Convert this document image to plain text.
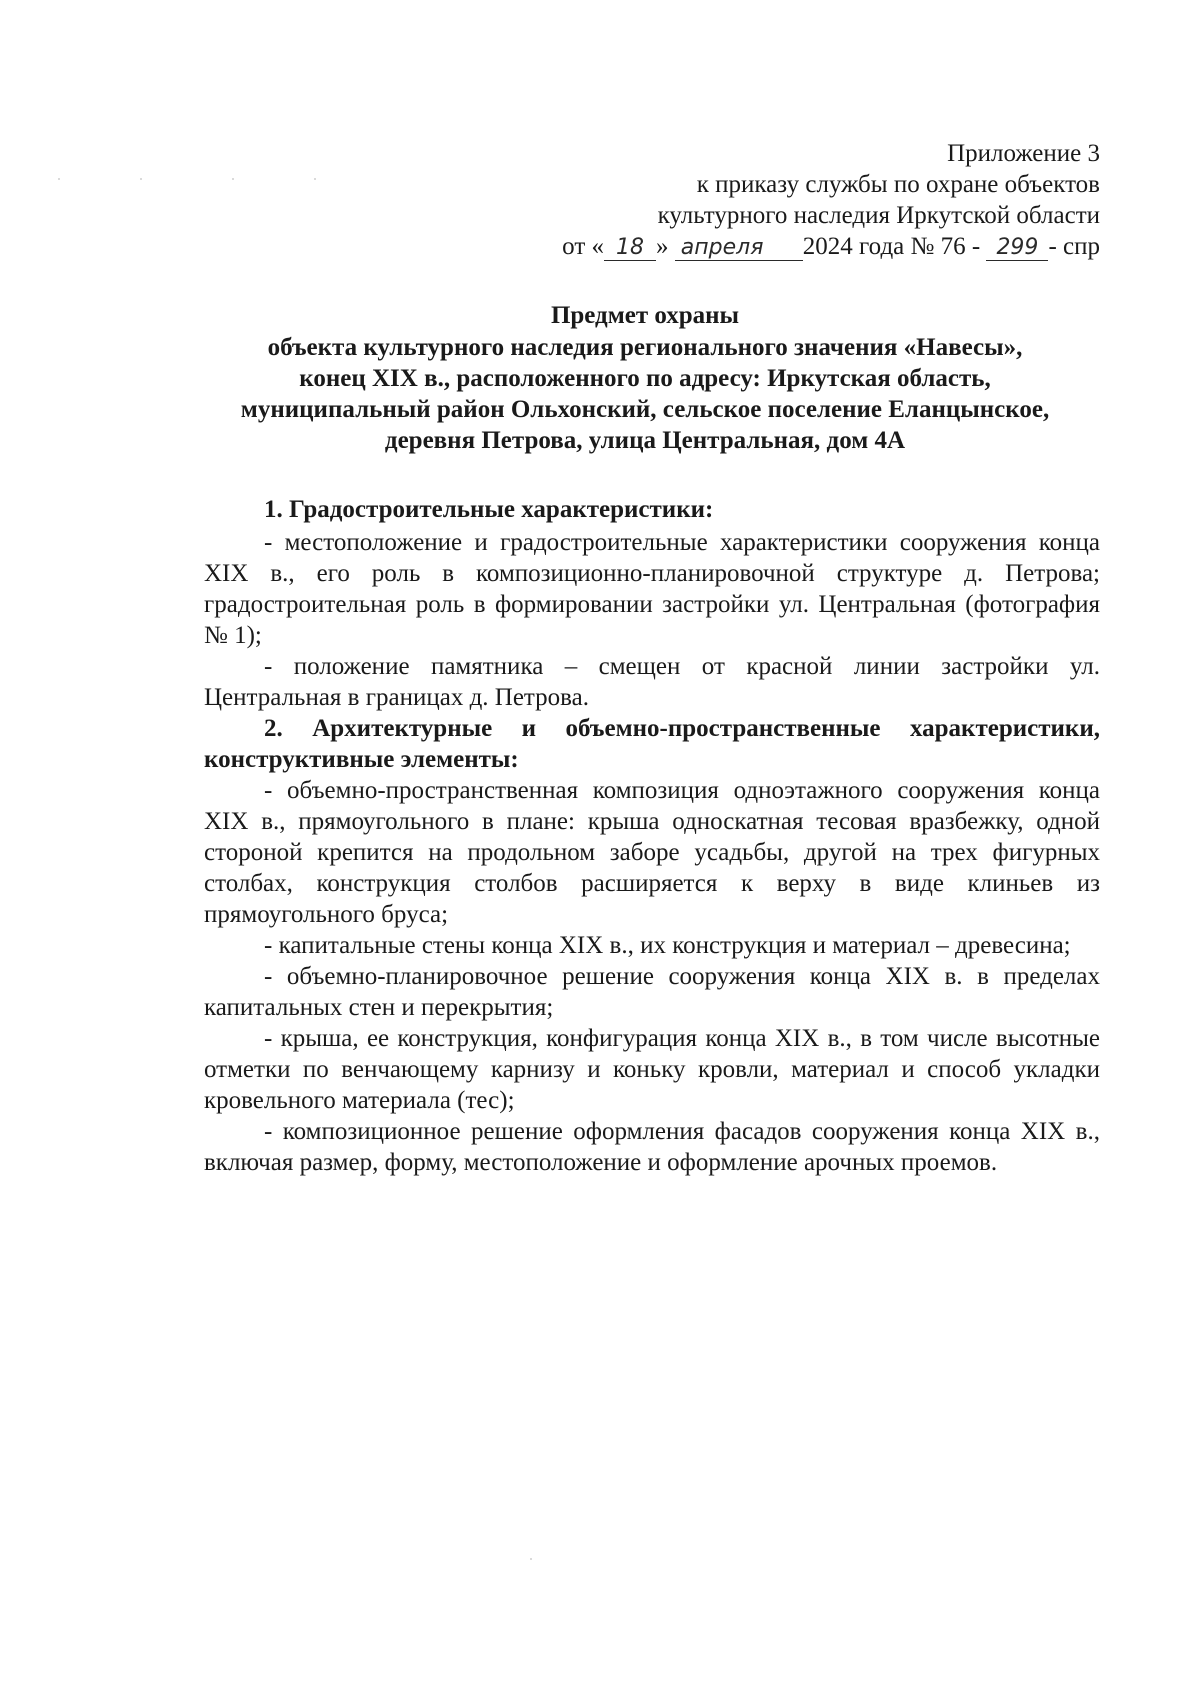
Приложение 3
к приказу службы по охране объектов
культурного наследия Иркутской области
от « 18 » апреля 2024 года № 76 - 299 - спр
Предмет охраны
объекта культурного наследия регионального значения «Навесы»,
конец XIX в., расположенного по адресу: Иркутская область,
муниципальный район Ольхонский, сельское поселение Еланцынское,
деревня Петрова, улица Центральная, дом 4А

1. Градостроительные характеристики:

- местоположение и градостроительные характеристики сооружения конца XIX в., его роль в композиционно-планировочной структуре д. Петрова; градостроительная роль в формировании застройки ул. Центральная (фотография № 1);

- положение памятника – смещен от красной линии застройки ул. Центральная в границах д. Петрова.

2. Архитектурные и объемно-пространственные характеристики, конструктивные элементы:

- объемно-пространственная композиция одноэтажного сооружения конца XIX в., прямоугольного в плане: крыша односкатная тесовая вразбежку, одной стороной крепится на продольном заборе усадьбы, другой на трех фигурных столбах, конструкция столбов расширяется к верху в виде клиньев из прямоугольного бруса;

- капитальные стены конца XIX в., их конструкция и материал – древесина;

- объемно-планировочное решение сооружения конца XIX в. в пределах капитальных стен и перекрытия;

- крыша, ее конструкция, конфигурация конца XIX в., в том числе высотные отметки по венчающему карнизу и коньку кровли, материал и способ укладки кровельного материала (тес);

- композиционное решение оформления фасадов сооружения конца XIX в., включая размер, форму, местоположение и оформление арочных проемов.
